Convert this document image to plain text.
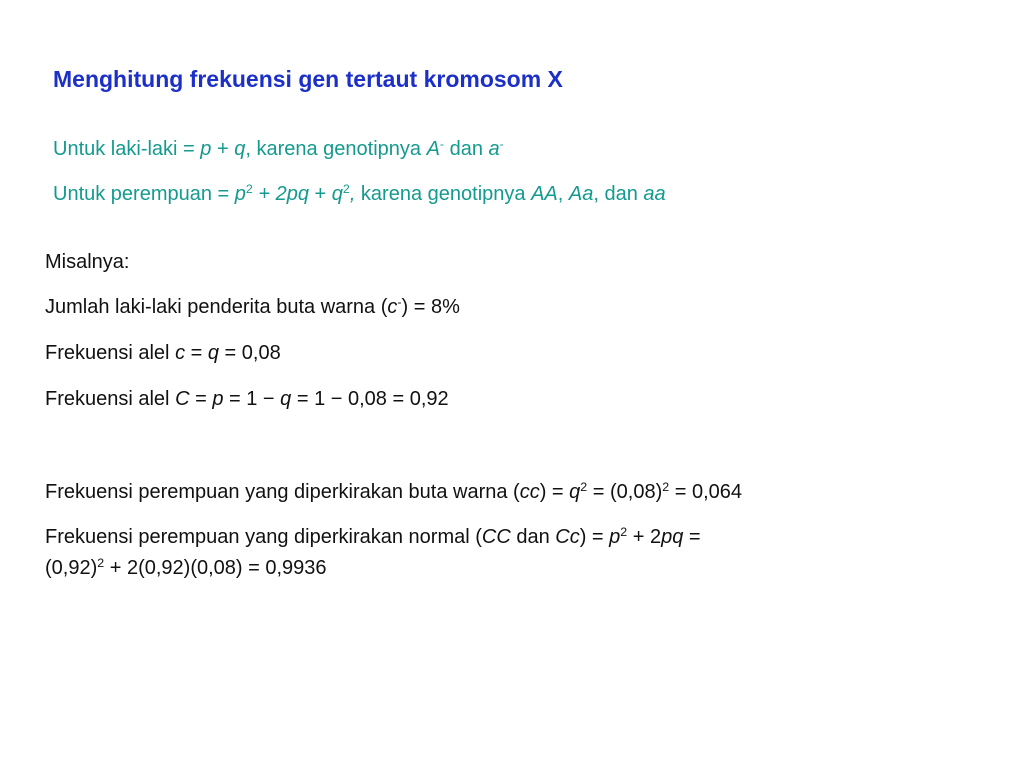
Menghitung frekuensi gen tertaut kromosom X
Untuk laki-laki = p + q, karena genotipnya A- dan a-
Untuk perempuan = $p^2 + 2pq + q^2$, karena genotipnya AA, Aa, dan aa
Misalnya:
Jumlah laki-laki penderita buta warna (c-) = 8%
Frekuensi alel c = q = 0,08
Frekuensi alel C = p = 1 − q = 1 − 0,08 = 0,92
Frekuensi perempuan yang diperkirakan buta warna $(cc) = q^2 = (0,08)^2 = 0,064$
Frekuensi perempuan yang diperkirakan normal (CC dan $Cc) = p^2 + 2pq$ =
$(0,92)^2 + 2(0,92)(0,08) = 0,9936$
